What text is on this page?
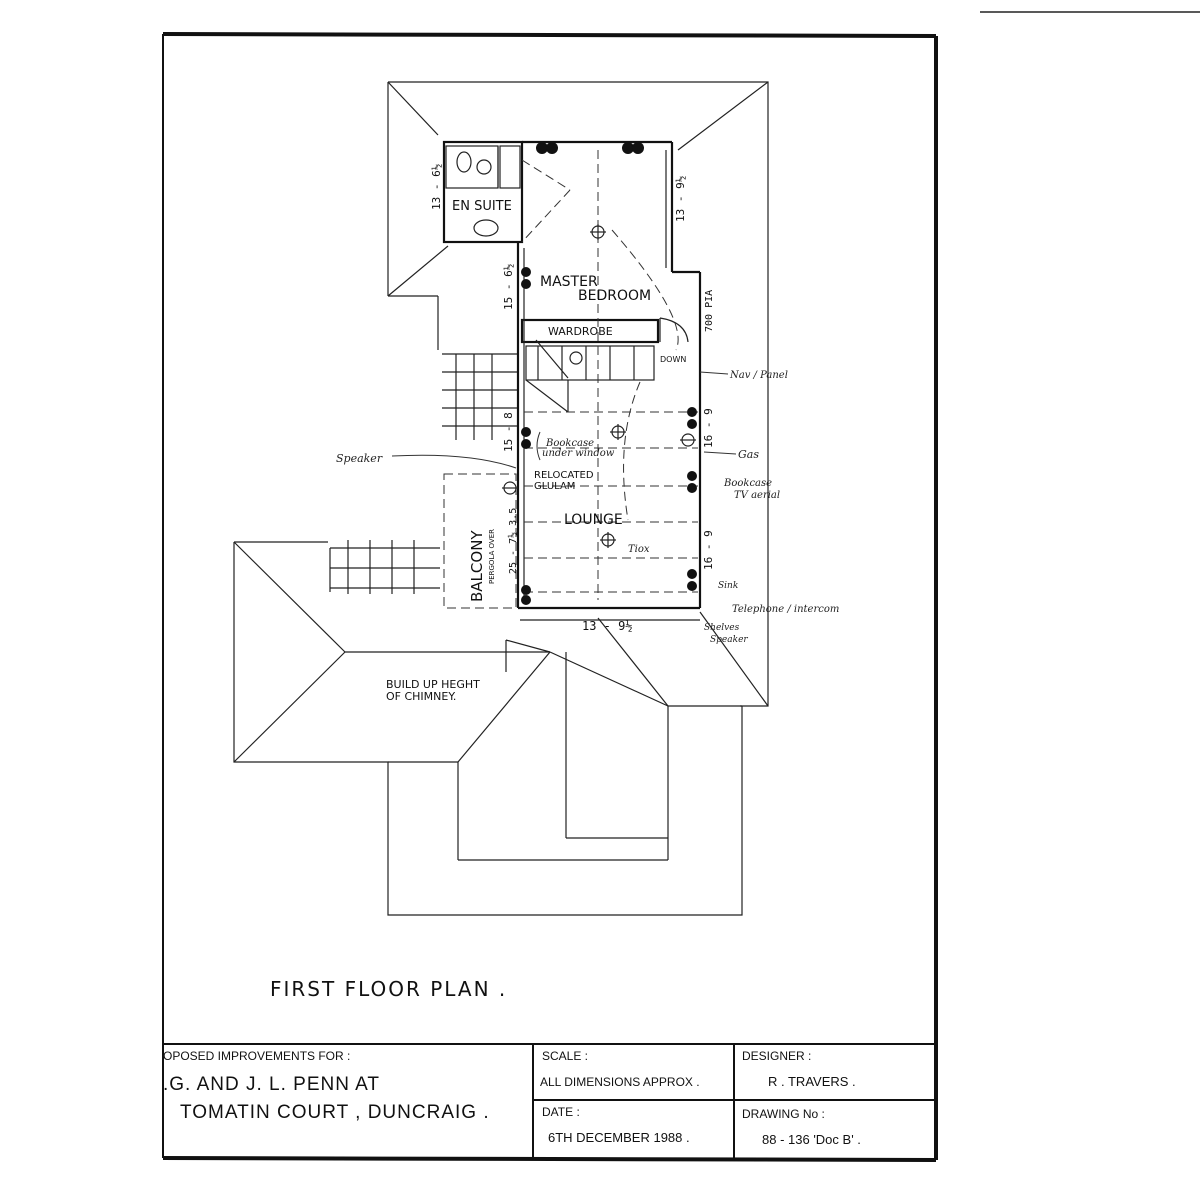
EN SUITE
MASTER
BEDROOM
WARDROBE
LOUNGE
RELOCATED
GLULAM
BALCONY PERGOLA OVER
13 - 6½	13 - 9½
15 - 6½
700 PIA
15 - 8	16 - 9
16 - 9
25 - 7½ 3.5
13 - 9½
DOWN
BUILD UP HEGHT
OF CHIMNEY.
Speaker
Bookcase
under window
Nav / Panel
Gas
Bookcase
TV aerial
Tiox
Sink
Telephone / intercom
Shelves
Speaker
FIRST FLOOR PLAN .
OPOSED IMPROVEMENTS FOR :
.G. AND J. L. PENN AT
TOMATIN COURT , DUNCRAIG .
SCALE :
ALL DIMENSIONS APPROX .
DATE :
6TH DECEMBER 1988 .
DESIGNER :
R . TRAVERS .
DRAWING No :
88 - 136 'Doc B' .
